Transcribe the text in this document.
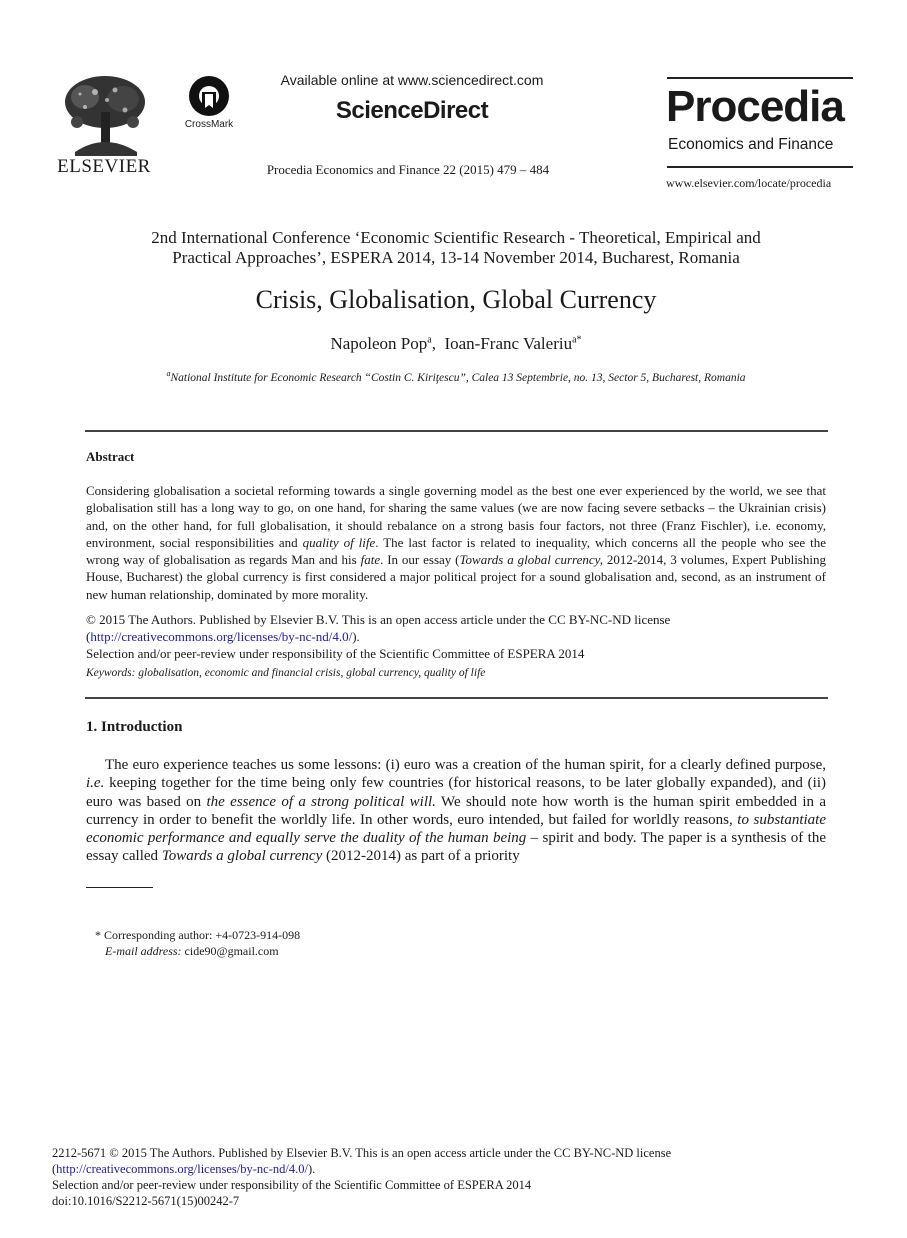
ELSEVIER
CrossMark
Available online at www.sciencedirect.com
ScienceDirect
Procedia Economics and Finance 22 (2015) 479 – 484
Procedia
Economics and Finance
www.elsevier.com/locate/procedia
2nd International Conference ‘Economic Scientific Research - Theoretical, Empirical and
Practical Approaches’, ESPERA 2014, 13-14 November 2014, Bucharest, Romania
Crisis, Globalisation, Global Currency
Napoleon Pop$^a$,  Ioan-Franc Valeriu$^{a*}$
$^a$National Institute for Economic Research “Costin C. Kiriţescu”, Calea 13 Septembrie, no. 13, Sector 5, Bucharest, Romania
Abstract
Considering globalisation a societal reforming towards a single governing model as the best one ever experienced by the world, we see that globalisation still has a long way to go, on one hand, for sharing the same values (we are now facing severe setbacks – the Ukrainian crisis) and, on the other hand, for full globalisation, it should rebalance on a strong basis four factors, not three (Franz Fischler), i.e. economy, environment, social responsibilities and quality of life. The last factor is related to inequality, which concerns all the people who see the wrong way of globalisation as regards Man and his fate. In our essay (Towards a global currency, 2012-2014, 3 volumes, Expert Publishing House, Bucharest) the global currency is first considered a major political project for a sound globalisation and, second, as an instrument of new human relationship, dominated by more morality.
© 2015 The Authors. Published by Elsevier B.V. This is an open access article under the CC BY-NC-ND license
(http://creativecommons.org/licenses/by-nc-nd/4.0/).
Selection and/or peer-review under responsibility of the Scientific Committee of ESPERA 2014
Keywords: globalisation, economic and financial crisis, global currency, quality of life
1. Introduction
The euro experience teaches us some lessons: (i) euro was a creation of the human spirit, for a clearly defined purpose, i.e. keeping together for the time being only few countries (for historical reasons, to be later globally expanded), and (ii) euro was based on the essence of a strong political will. We should note how worth is the human spirit embedded in a currency in order to benefit the worldly life. In other words, euro intended, but failed for worldly reasons, to substantiate economic performance and equally serve the duality of the human being – spirit and body. The paper is a synthesis of the essay called Towards a global currency (2012-2014) as part of a priority
* Corresponding author: +4-0723-914-098
E-mail address: cide90@gmail.com
2212-5671 © 2015 The Authors. Published by Elsevier B.V. This is an open access article under the CC BY-NC-ND license
(http://creativecommons.org/licenses/by-nc-nd/4.0/).
Selection and/or peer-review under responsibility of the Scientific Committee of ESPERA 2014
doi:10.1016/S2212-5671(15)00242-7
